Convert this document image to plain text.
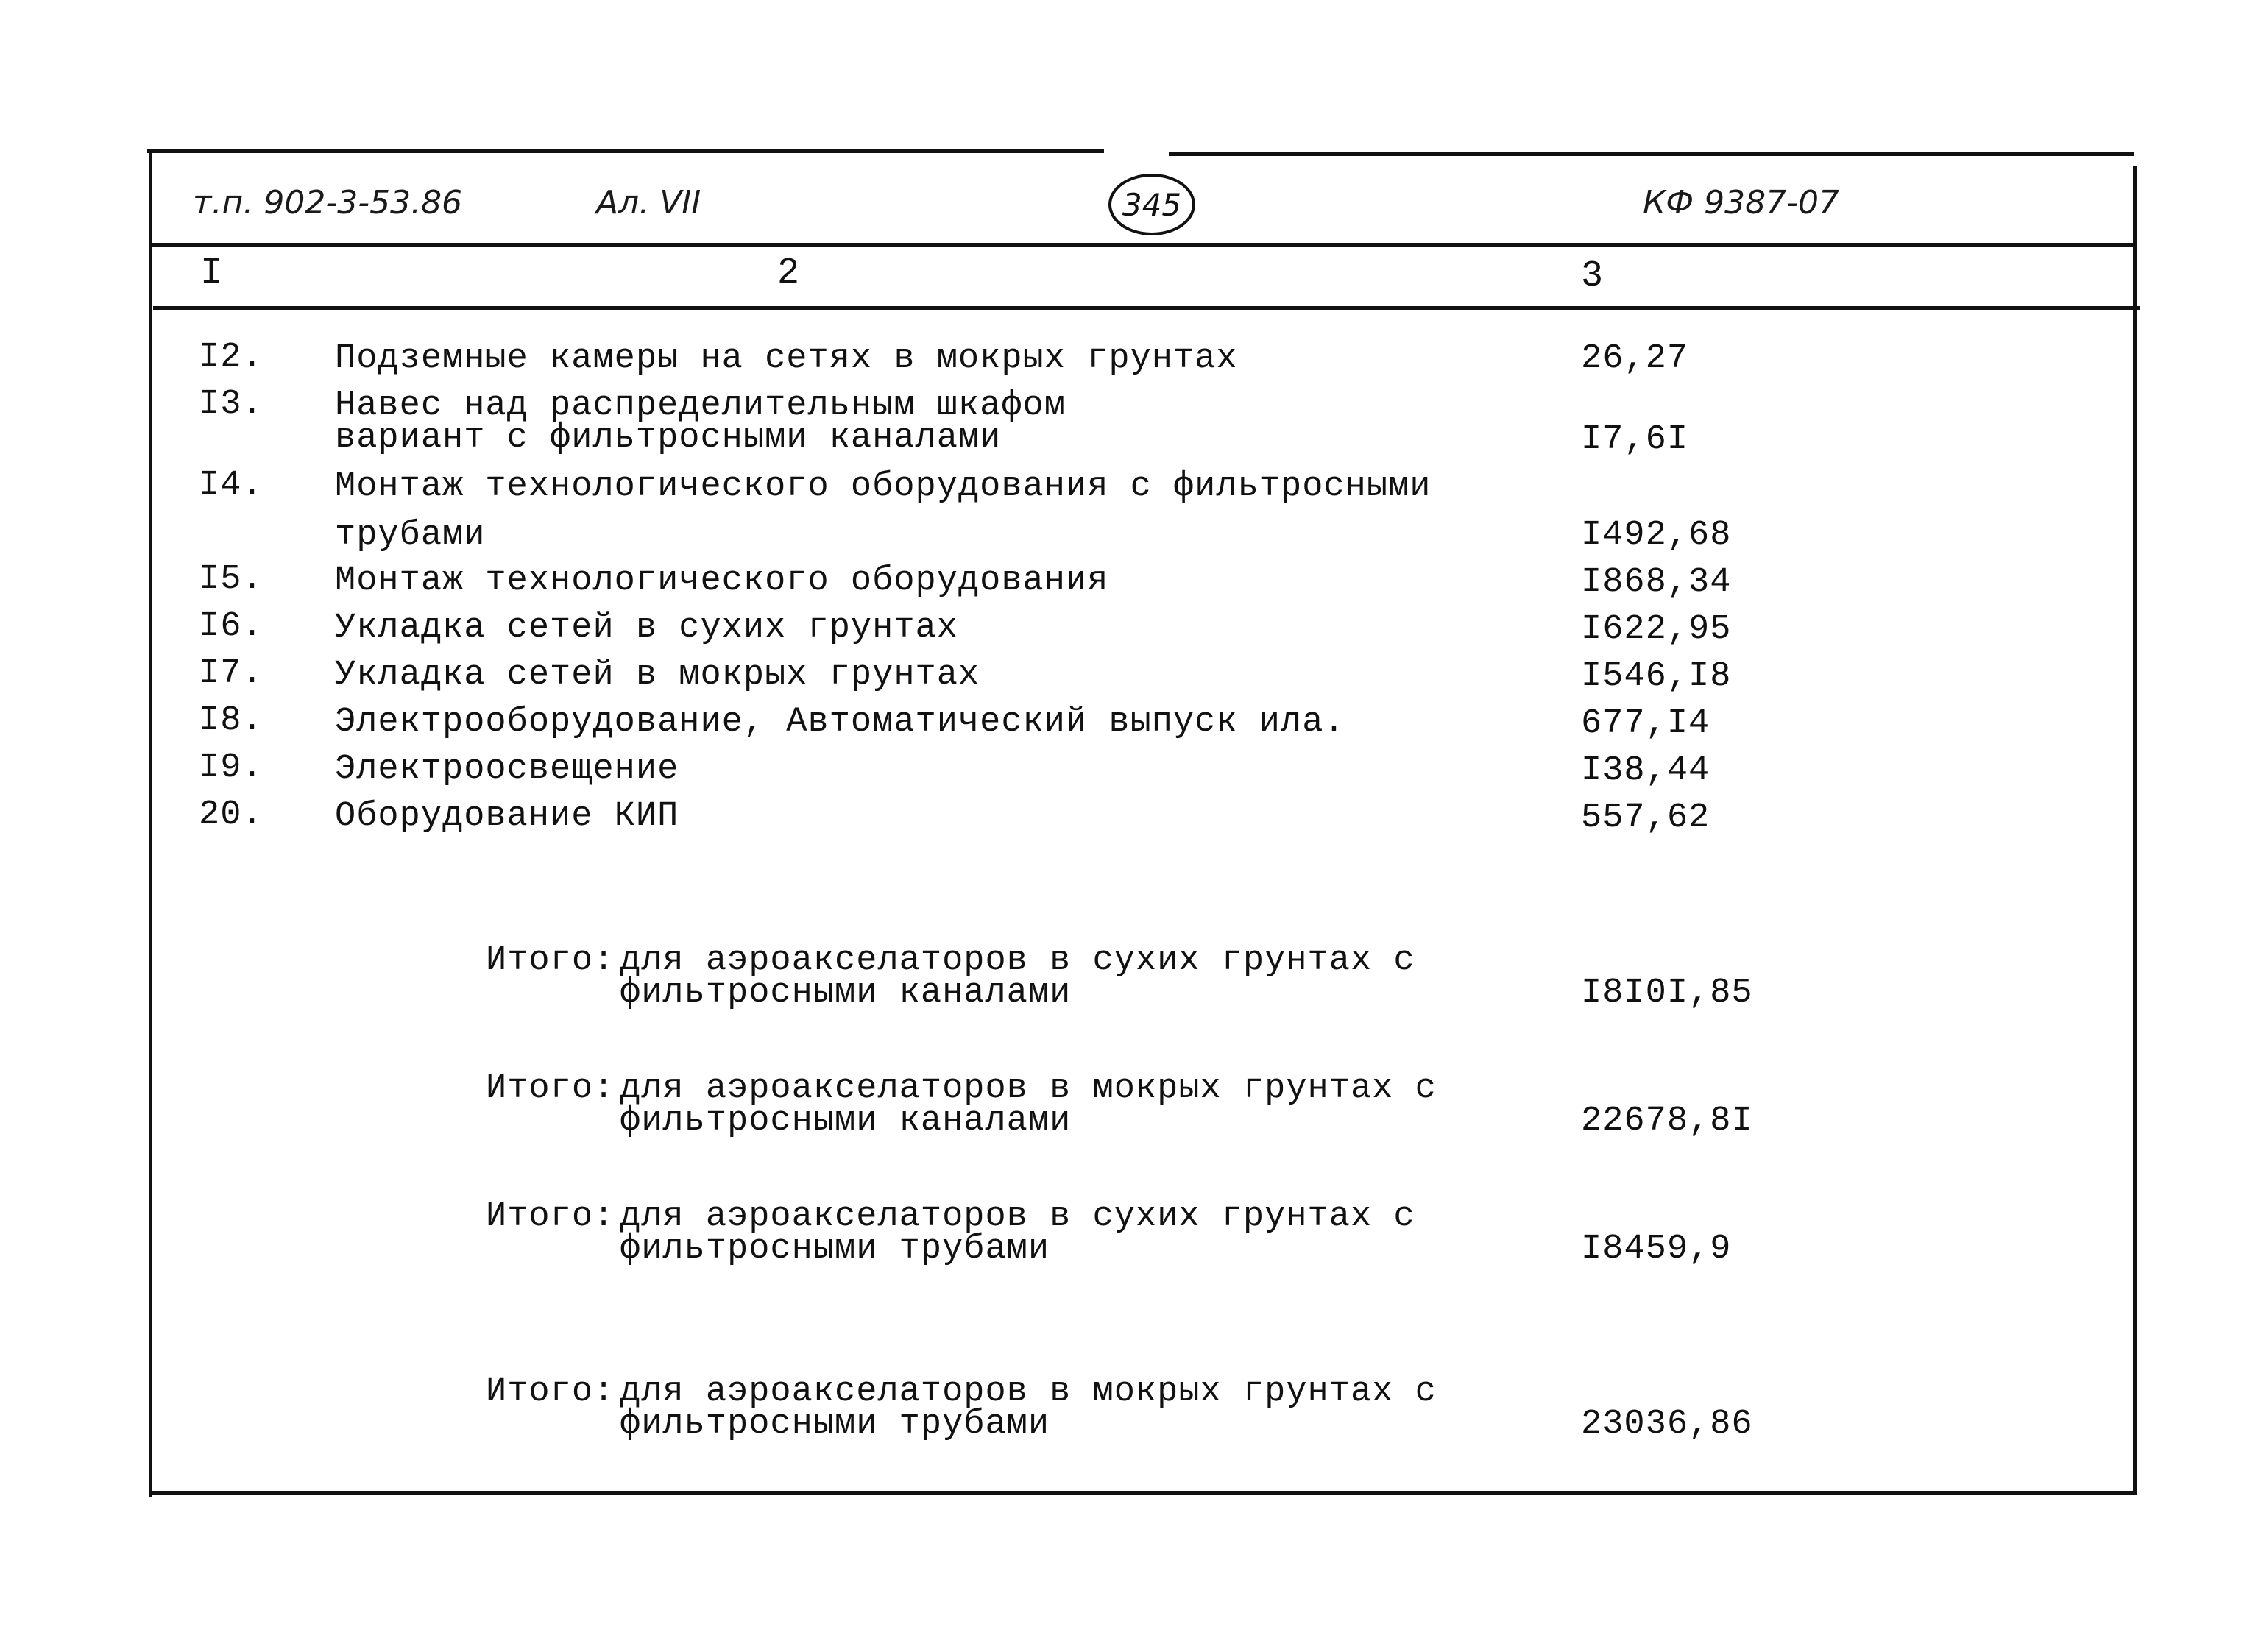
т.п. 902-3-53.86	Ал. VII	345	КФ 9387-07
I	2	3
I2. Подземные камеры на сетях в мокрых грунтах	26,27
I3. Навес над распределительным шкафом
вариант с фильтросными каналами	I7,6I
I4. Монтаж технологического оборудования с фильтросными
трубами	I492,68
I5. Монтаж технологического оборудования	I868,34
I6. Укладка сетей в сухих грунтах	I622,95
I7. Укладка сетей в мокрых грунтах	I546,I8
I8. Электрооборудование, Автоматический выпуск ила.	677,I4
I9. Электроосвещение	I38,44
20. Оборудование КИП	557,62
Итого: для аэроакселаторов в сухих грунтах с
фильтросными каналами	I8I0I,85
Итого: для аэроакселаторов в мокрых грунтах с
фильтросными каналами	22678,8I
Итого: для аэроакселаторов в сухих грунтах с
фильтросными трубами	I8459,9
Итого: для аэроакселаторов в мокрых грунтах с
фильтросными трубами	23036,86
